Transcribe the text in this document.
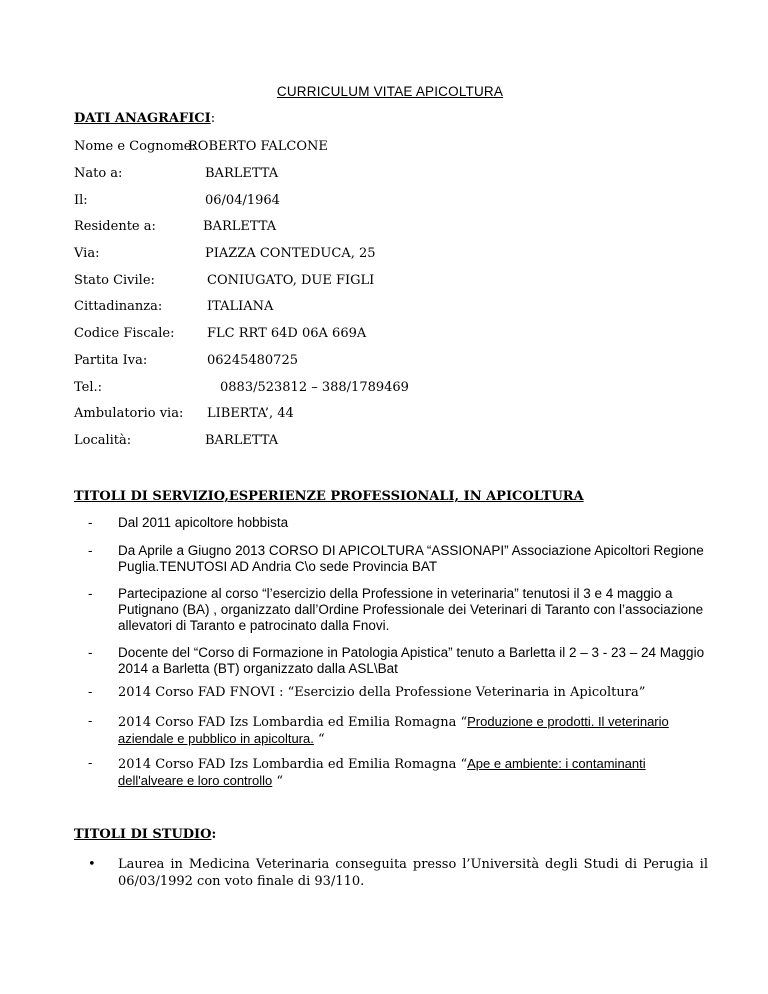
CURRICULUM VITAE APICOLTURA
DATI ANAGRAFICI:
Nome e Cognome:
ROBERTO FALCONE
Nato a:	BARLETTA
Il:	06/04/1964
Residente a:	BARLETTA
Via:	PIAZZA CONTEDUCA, 25
Stato Civile:	CONIUGATO, DUE FIGLI
Cittadinanza:	ITALIANA
Codice Fiscale:	FLC RRT 64D 06A 669A
Partita Iva:	06245480725
Tel.:	0883/523812 – 388/1789469
Ambulatorio via: LIBERTA’, 44
Località:	BARLETTA
TITOLI DI SERVIZIO,ESPERIENZE PROFESSIONALI, IN APICOLTURA
- Dal 2011 apicoltore hobbista
- Da Aprile a Giugno 2013 CORSO DI APICOLTURA “ASSIONAPI” Associazione Apicoltori Regione Puglia.TENUTOSI AD Andria C\o sede Provincia BAT
- Partecipazione al corso “l’esercizio della Professione in veterinaria” tenutosi il 3 e 4 maggio a Putignano (BA) , organizzato dall’Ordine Professionale dei Veterinari di Taranto con l’associazione allevatori di Taranto e patrocinato dalla Fnovi.
- Docente del “Corso di Formazione in Patologia Apistica” tenuto a Barletta il 2 – 3 - 23 – 24 Maggio 2014 a Barletta (BT) organizzato dalla ASL\Bat
- 2014 Corso FAD FNOVI : “Esercizio della Professione Veterinaria in Apicoltura”
- 2014 Corso FAD Izs Lombardia ed Emilia Romagna “Produzione e prodotti. Il veterinario aziendale e pubblico in apicoltura. “
- 2014 Corso FAD Izs Lombardia ed Emilia Romagna “Ape e ambiente: i contaminanti dell'alveare e loro controllo “
TITOLI DI STUDIO:
• Laurea in Medicina Veterinaria conseguita presso l’Università degli Studi di Perugia il 06/03/1992 con voto finale di 93/110.
